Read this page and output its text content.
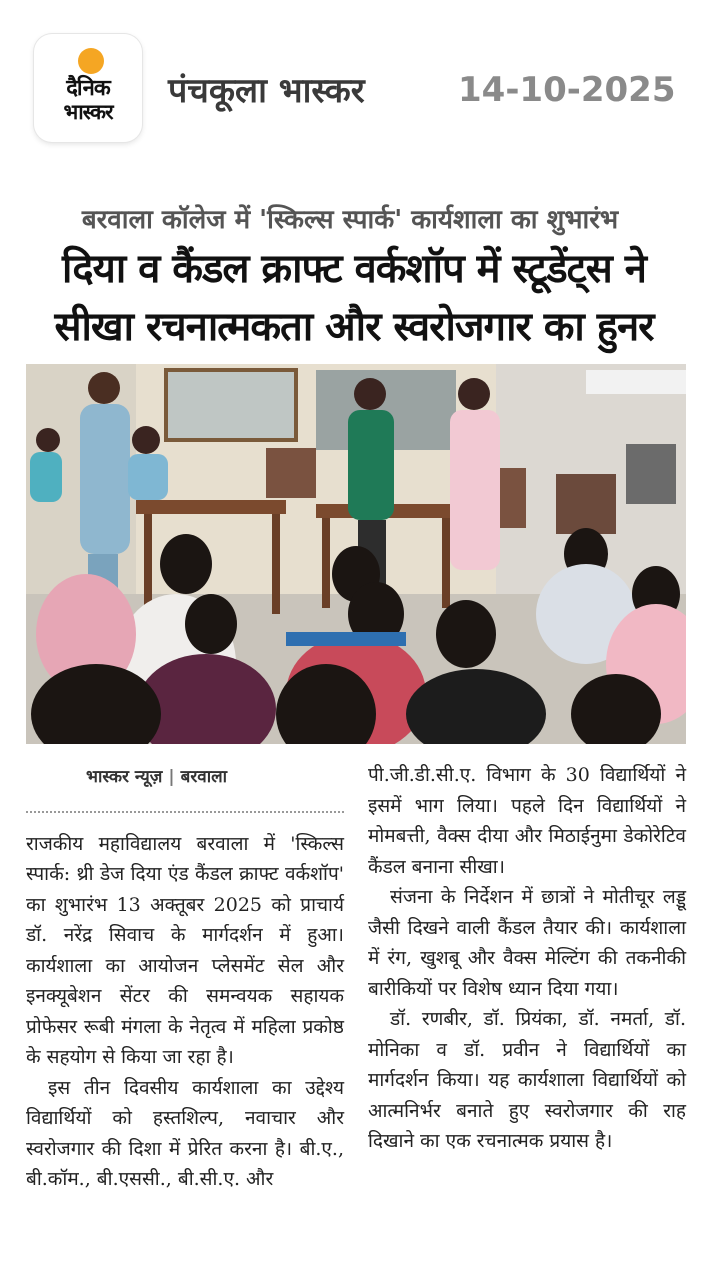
दैनिक
भास्कर
पंचकूला भास्कर	14-10-2025
बरवाला कॉलेज में 'स्किल्स स्पार्क' कार्यशाला का शुभारंभ
दिया व कैंडल क्राफ्ट वर्कशॉप में स्टूडेंट्स ने
सीखा रचनात्मकता और स्वरोजगार का हुनर
भास्कर न्यूज़ | बरवाला

राजकीय महाविद्यालय बरवाला में 'स्किल्स स्पार्क: थ्री डेज दिया एंड कैंडल क्राफ्ट वर्कशॉप' का शुभारंभ 13 अक्तूबर 2025 को प्राचार्य डॉ. नरेंद्र सिवाच के मार्गदर्शन में हुआ। कार्यशाला का आयोजन प्लेसमेंट सेल और इनक्यूबेशन सेंटर की समन्वयक सहायक प्रोफेसर रूबी मंगला के नेतृत्व में महिला प्रकोष्ठ के सहयोग से किया जा रहा है।

इस तीन दिवसीय कार्यशाला का उद्देश्य विद्यार्थियों को हस्तशिल्प, नवाचार और स्वरोजगार की दिशा में प्रेरित करना है। बी.ए., बी.कॉम., बी.एससी., बी.सी.ए. और

पी.जी.डी.सी.ए. विभाग के 30 विद्यार्थियों ने इसमें भाग लिया। पहले दिन विद्यार्थियों ने मोमबत्ती, वैक्स दीया और मिठाईनुमा डेकोरेटिव कैंडल बनाना सीखा।

संजना के निर्देशन में छात्रों ने मोतीचूर लड्डू जैसी दिखने वाली कैंडल तैयार की। कार्यशाला में रंग, खुशबू और वैक्स मेल्टिंग की तकनीकी बारीकियों पर विशेष ध्यान दिया गया।

डॉ. रणबीर, डॉ. प्रियंका, डॉ. नमर्ता, डॉ. मोनिका व डॉ. प्रवीन ने विद्यार्थियों का मार्गदर्शन किया। यह कार्यशाला विद्यार्थियों को आत्मनिर्भर बनाते हुए स्वरोजगार की राह दिखाने का एक रचनात्मक प्रयास है।
